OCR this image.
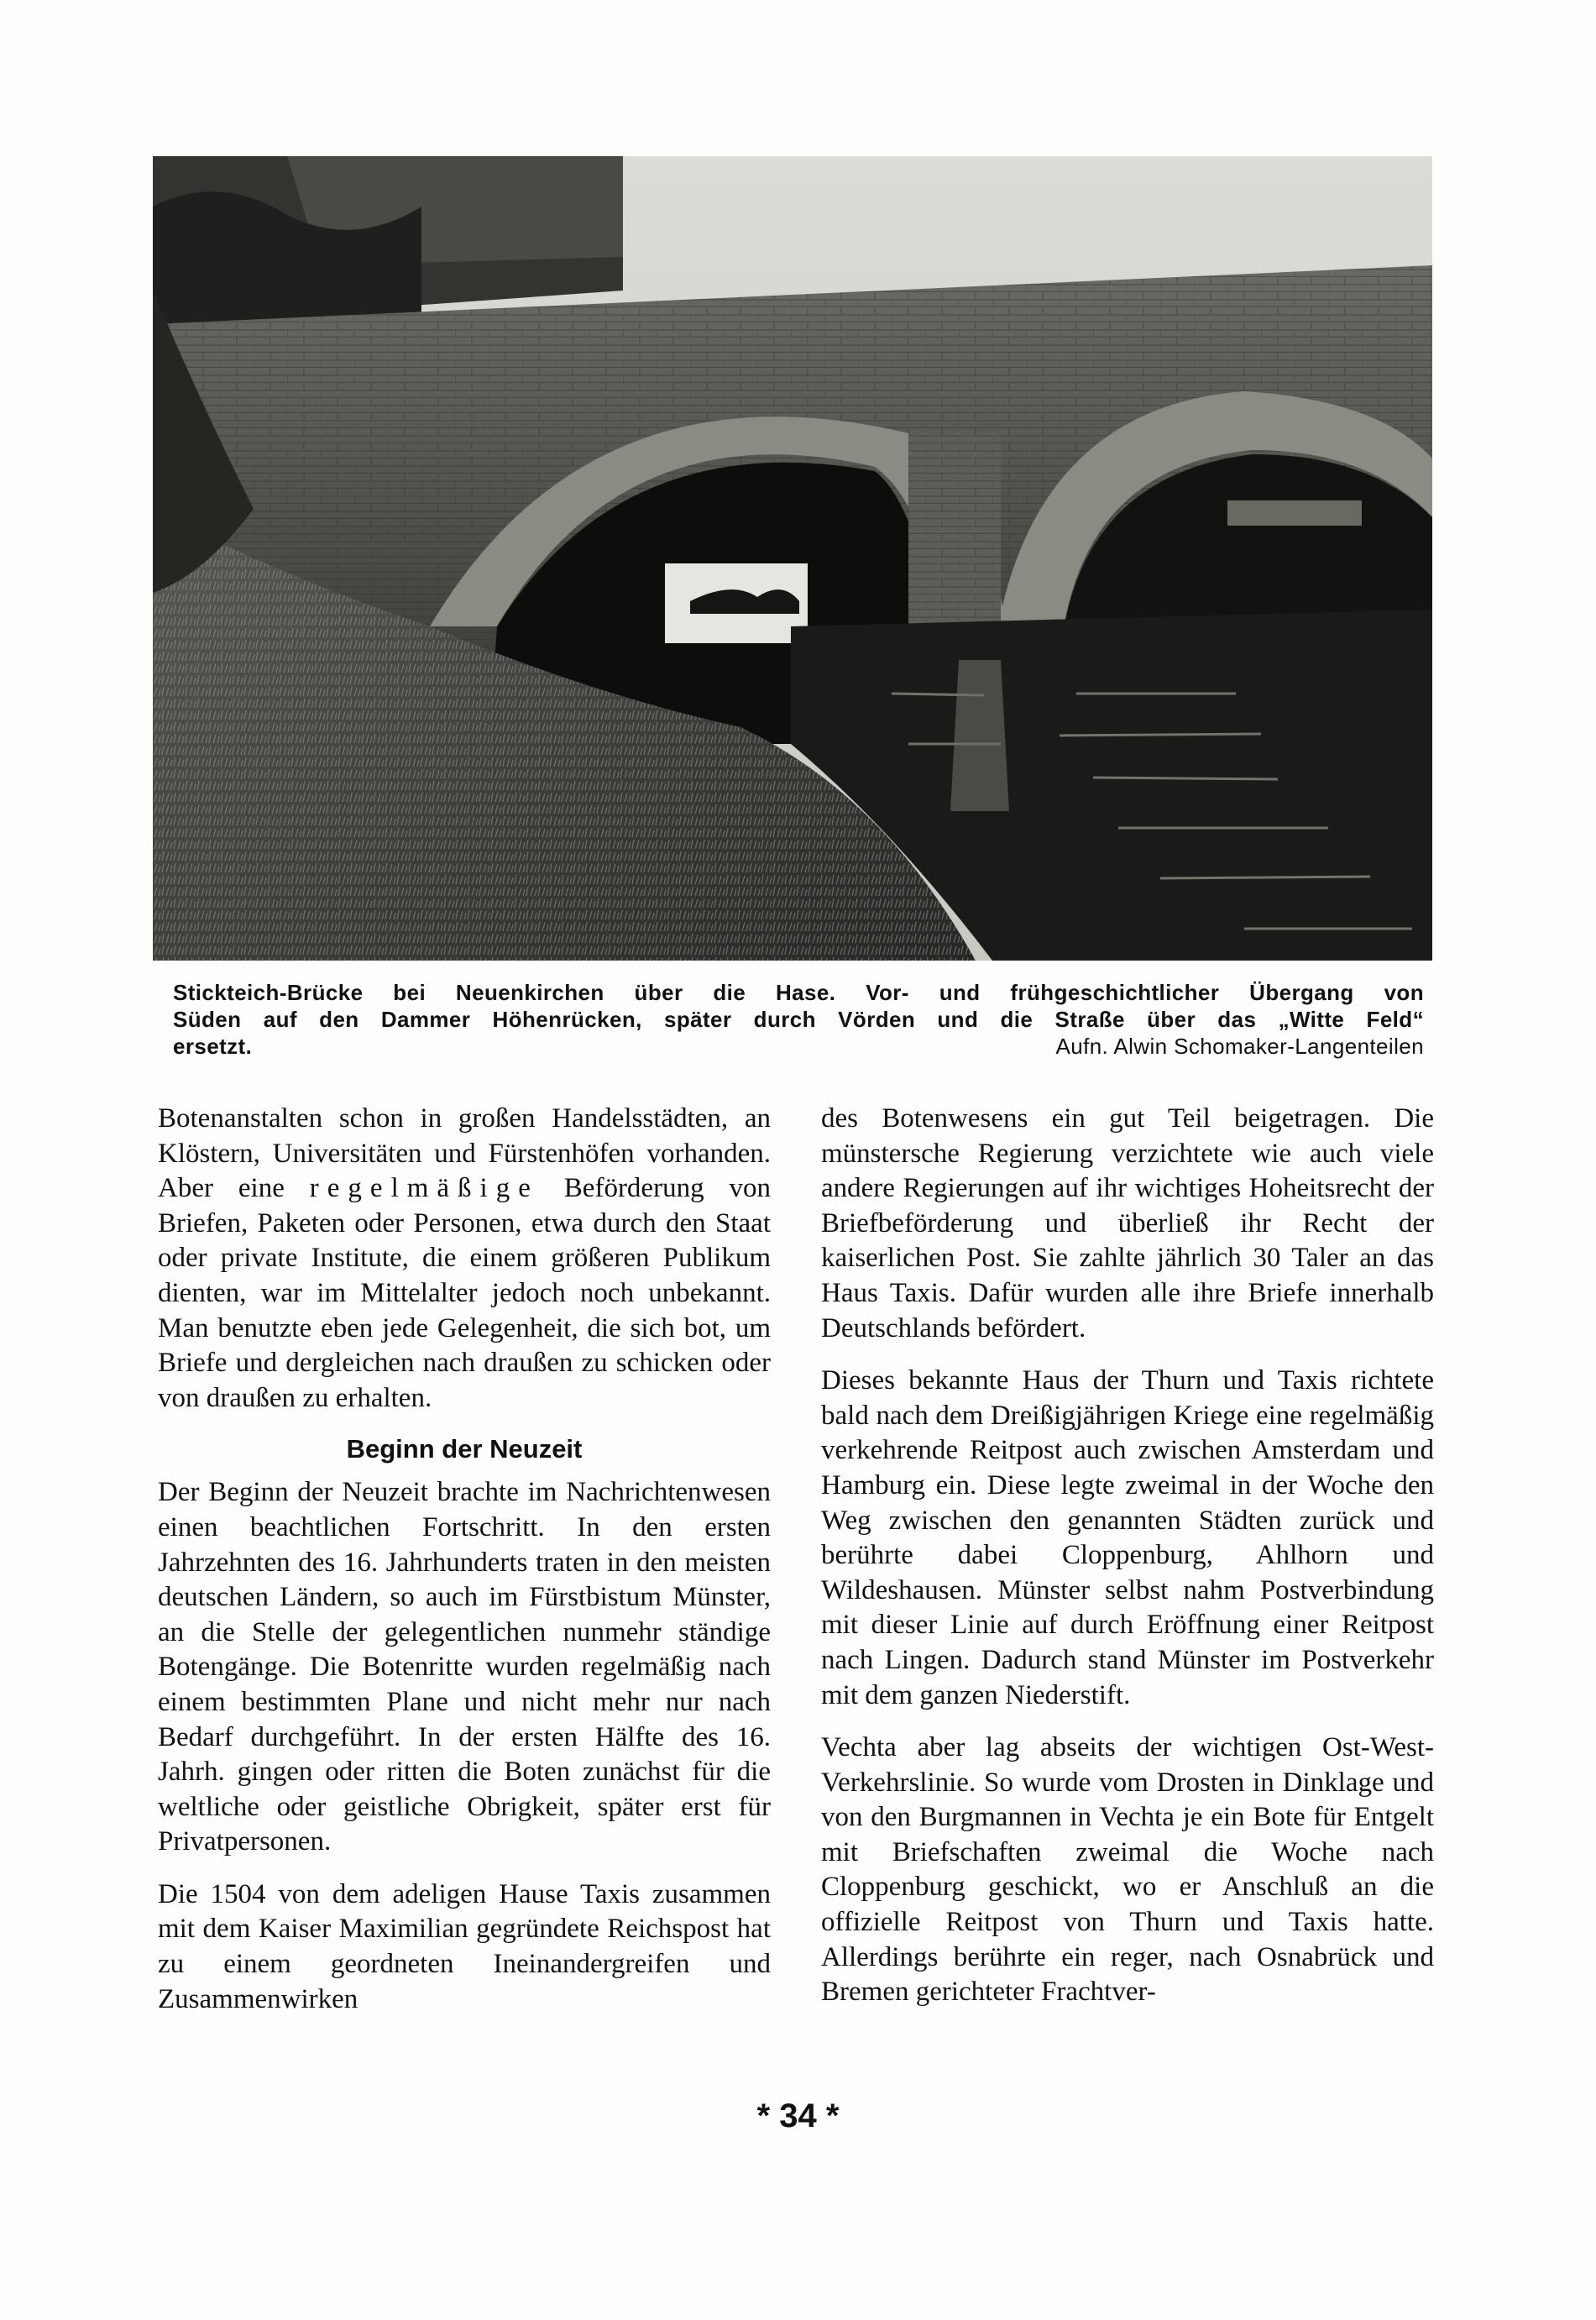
Stickteich-Brücke bei Neuenkirchen über die Hase. Vor- und frühgeschichtlicher Übergang von
Süden auf den Dammer Höhenrücken, später durch Vörden und die Straße über das „Witte Feld“
ersetzt.	Aufn. Alwin Schomaker-Langenteilen

Botenanstalten schon in großen Handelsstädten, an Klöstern, Universitäten und Fürstenhöfen vorhanden. Aber eine regelmäßige Beförderung von Briefen, Paketen oder Personen, etwa durch den Staat oder private Institute, die einem größeren Publikum dienten, war im Mittelalter jedoch noch unbekannt. Man benutzte eben jede Gelegenheit, die sich bot, um Briefe und dergleichen nach draußen zu schicken oder von draußen zu erhalten.

Beginn der Neuzeit

Der Beginn der Neuzeit brachte im Nachrichtenwesen einen beachtlichen Fortschritt. In den ersten Jahrzehnten des 16. Jahrhunderts traten in den meisten deutschen Ländern, so auch im Fürstbistum Münster, an die Stelle der gelegentlichen nunmehr ständige Botengänge. Die Botenritte wurden regelmäßig nach einem bestimmten Plane und nicht mehr nur nach Bedarf durchgeführt. In der ersten Hälfte des 16. Jahrh. gingen oder ritten die Boten zunächst für die weltliche oder geistliche Obrigkeit, später erst für Privatpersonen.

Die 1504 von dem adeligen Hause Taxis zusammen mit dem Kaiser Maximilian gegründete Reichspost hat zu einem geordneten Ineinandergreifen und Zusammenwirken

des Botenwesens ein gut Teil beigetragen. Die münstersche Regierung verzichtete wie auch viele andere Regierungen auf ihr wichtiges Hoheitsrecht der Briefbeförderung und überließ ihr Recht der kaiserlichen Post. Sie zahlte jährlich 30 Taler an das Haus Taxis. Dafür wurden alle ihre Briefe innerhalb Deutschlands befördert.

Dieses bekannte Haus der Thurn und Taxis richtete bald nach dem Dreißigjährigen Kriege eine regelmäßig verkehrende Reitpost auch zwischen Amsterdam und Hamburg ein. Diese legte zweimal in der Woche den Weg zwischen den genannten Städten zurück und berührte dabei Cloppenburg, Ahlhorn und Wildeshausen. Münster selbst nahm Postverbindung mit dieser Linie auf durch Eröffnung einer Reitpost nach Lingen. Dadurch stand Münster im Postverkehr mit dem ganzen Niederstift.

Vechta aber lag abseits der wichtigen Ost-West-Verkehrslinie. So wurde vom Drosten in Dinklage und von den Burgmannen in Vechta je ein Bote für Entgelt mit Briefschaften zweimal die Woche nach Cloppenburg geschickt, wo er Anschluß an die offizielle Reitpost von Thurn und Taxis hatte. Allerdings berührte ein reger, nach Osnabrück und Bremen gerichteter Frachtver-

* 34 *
